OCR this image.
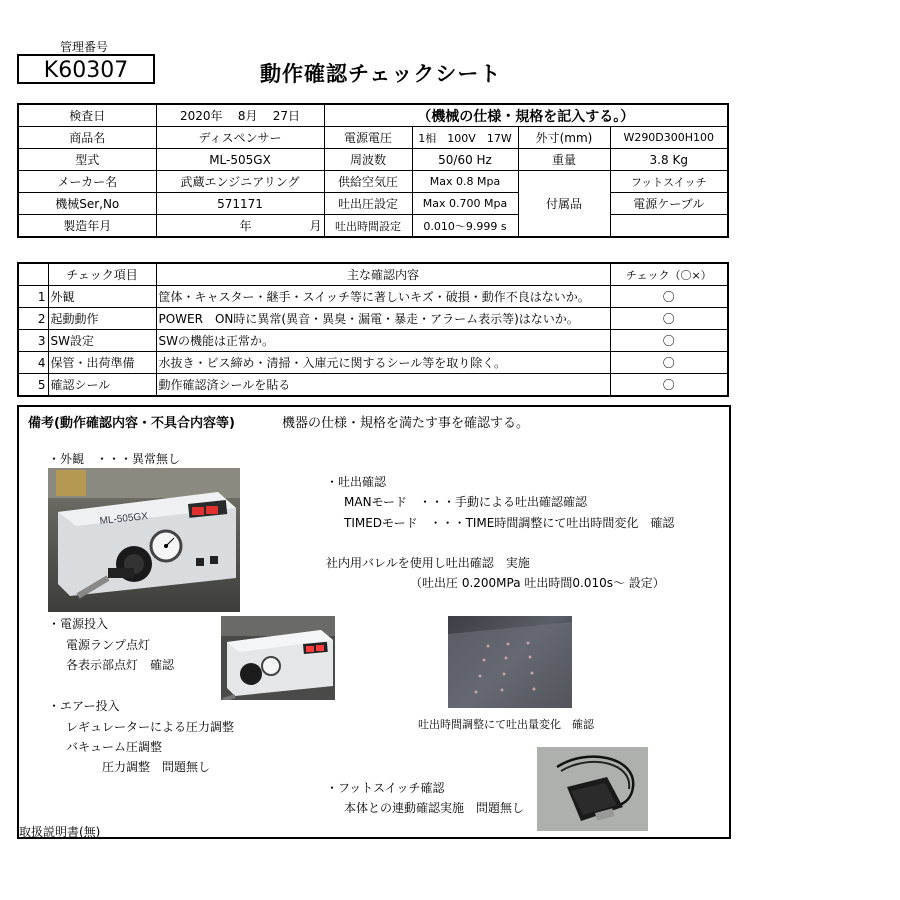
管理番号
K60307	動作確認チェックシート
検査日	2020年 8月 27日	（機械の仕様・規格を記入する。）			
商品名	ディスペンサー	電源電圧	1相　100V　17W	外寸(mm)	W290D300H100
型式	ML-505GX	周波数	50/60 Hz	重量	3.8 Kg
メーカー名	武蔵エンジニアリング	供給空気圧	Max 0.8 Mpa	付属品	フットスイッチ
機械Ser,No	571171	吐出圧設定	Max 0.700 Mpa		電源ケーブル
製造年月	年 月	吐出時間設定	0.010〜9.999 s		
	チェック項目	主な確認内容	チェック（〇×）
1	外観	筐体・キャスター・継手・スイッチ等に著しいキズ・破損・動作不良はないか。	〇
2	起動動作	POWER　ON時に異常(異音・異臭・漏電・暴走・アラーム表示等)はないか。	〇
3	SW設定	SWの機能は正常か。	〇
4	保管・出荷準備	水抜き・ビス締め・清掃・入庫元に関するシール等を取り除く。	〇
5	確認シール	動作確認済シールを貼る	〇
備考(動作確認内容・不具合内容等)	機器の仕様・規格を満たす事を確認する。
・外観　・・・異常無し
ML-505GX
・電源投入
電源ランプ点灯
各表示部点灯　確認
・エアー投入
レギュレーターによる圧力調整
バキューム圧調整
圧力調整　問題無し
・吐出確認
MANモード　・・・手動による吐出確認確認
TIMEDモード　・・・TIME時間調整にて吐出時間変化　確認
社内用バレルを使用し吐出確認　実施
（吐出圧 0.200MPa 吐出時間0.010s〜 設定）
吐出時間調整にて吐出量変化　確認
・フットスイッチ確認
本体との連動確認実施　問題無し
取扱説明書(無)
